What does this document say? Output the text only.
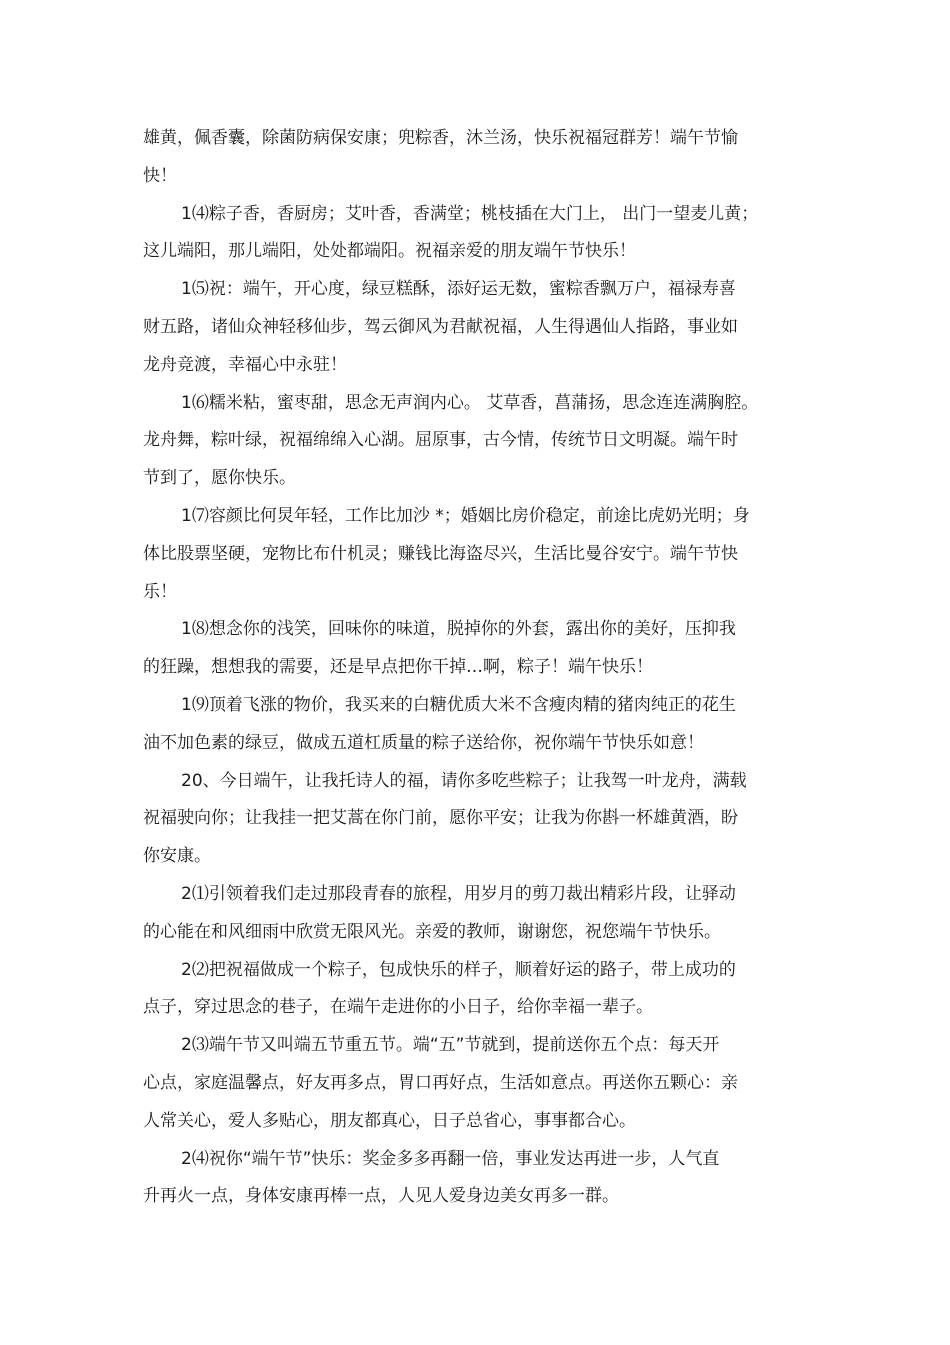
雄黄，佩香囊，除菌防病保安康；兜粽香，沐兰汤，快乐祝福冠群芳！端午节愉
快！
1⑷粽子香，香厨房；艾叶香，香满堂；桃枝插在大门上， 出门一望麦儿黄；
这儿端阳，那儿端阳，处处都端阳。祝福亲爱的朋友端午节快乐！
1⑸祝：端午，开心度，绿豆糕酥，添好运无数，蜜粽香飘万户，福禄寿喜
财五路，诸仙众神轻移仙步，驾云御风为君献祝福，人生得遇仙人指路，事业如
龙舟竞渡，幸福心中永驻！
1⑹糯米粘，蜜枣甜，思念无声润内心。 艾草香，菖蒲扬，思念连连满胸腔。
龙舟舞，粽叶绿，祝福绵绵入心湖。屈原事，古今情，传统节日文明凝。端午时
节到了，愿你快乐。
1⑺容颜比何炅年轻，工作比加沙 *；婚姻比房价稳定，前途比虎奶光明；身
体比股票坚硬，宠物比布什机灵；赚钱比海盗尽兴，生活比曼谷安宁。端午节快
乐！
1⑻想念你的浅笑，回味你的味道，脱掉你的外套，露出你的美好，压抑我
的狂躁，想想我的需要，还是早点把你干掉…啊，粽子！端午快乐！
1⑼顶着飞涨的物价，我买来的白糖优质大米不含瘦肉精的猪肉纯正的花生
油不加色素的绿豆，做成五道杠质量的粽子送给你，祝你端午节快乐如意！
20、今日端午，让我托诗人的福，请你多吃些粽子；让我驾一叶龙舟，满载
祝福驶向你；让我挂一把艾蒿在你门前，愿你平安；让我为你斟一杯雄黄酒，盼
你安康。
2⑴引领着我们走过那段青春的旅程，用岁月的剪刀裁出精彩片段，让驿动
的心能在和风细雨中欣赏无限风光。亲爱的教师，谢谢您，祝您端午节快乐。
2⑵把祝福做成一个粽子，包成快乐的样子，顺着好运的路子，带上成功的
点子，穿过思念的巷子，在端午走进你的小日子，给你幸福一辈子。
2⑶端午节又叫端五节重五节。端“五”节就到，提前送你五个点：每天开
心点，家庭温馨点，好友再多点，胃口再好点，生活如意点。再送你五颗心：亲
人常关心，爱人多贴心，朋友都真心，日子总省心，事事都合心。
2⑷祝你“端午节”快乐：奖金多多再翻一倍，事业发达再进一步，人气直
升再火一点，身体安康再棒一点，人见人爱身边美女再多一群。
